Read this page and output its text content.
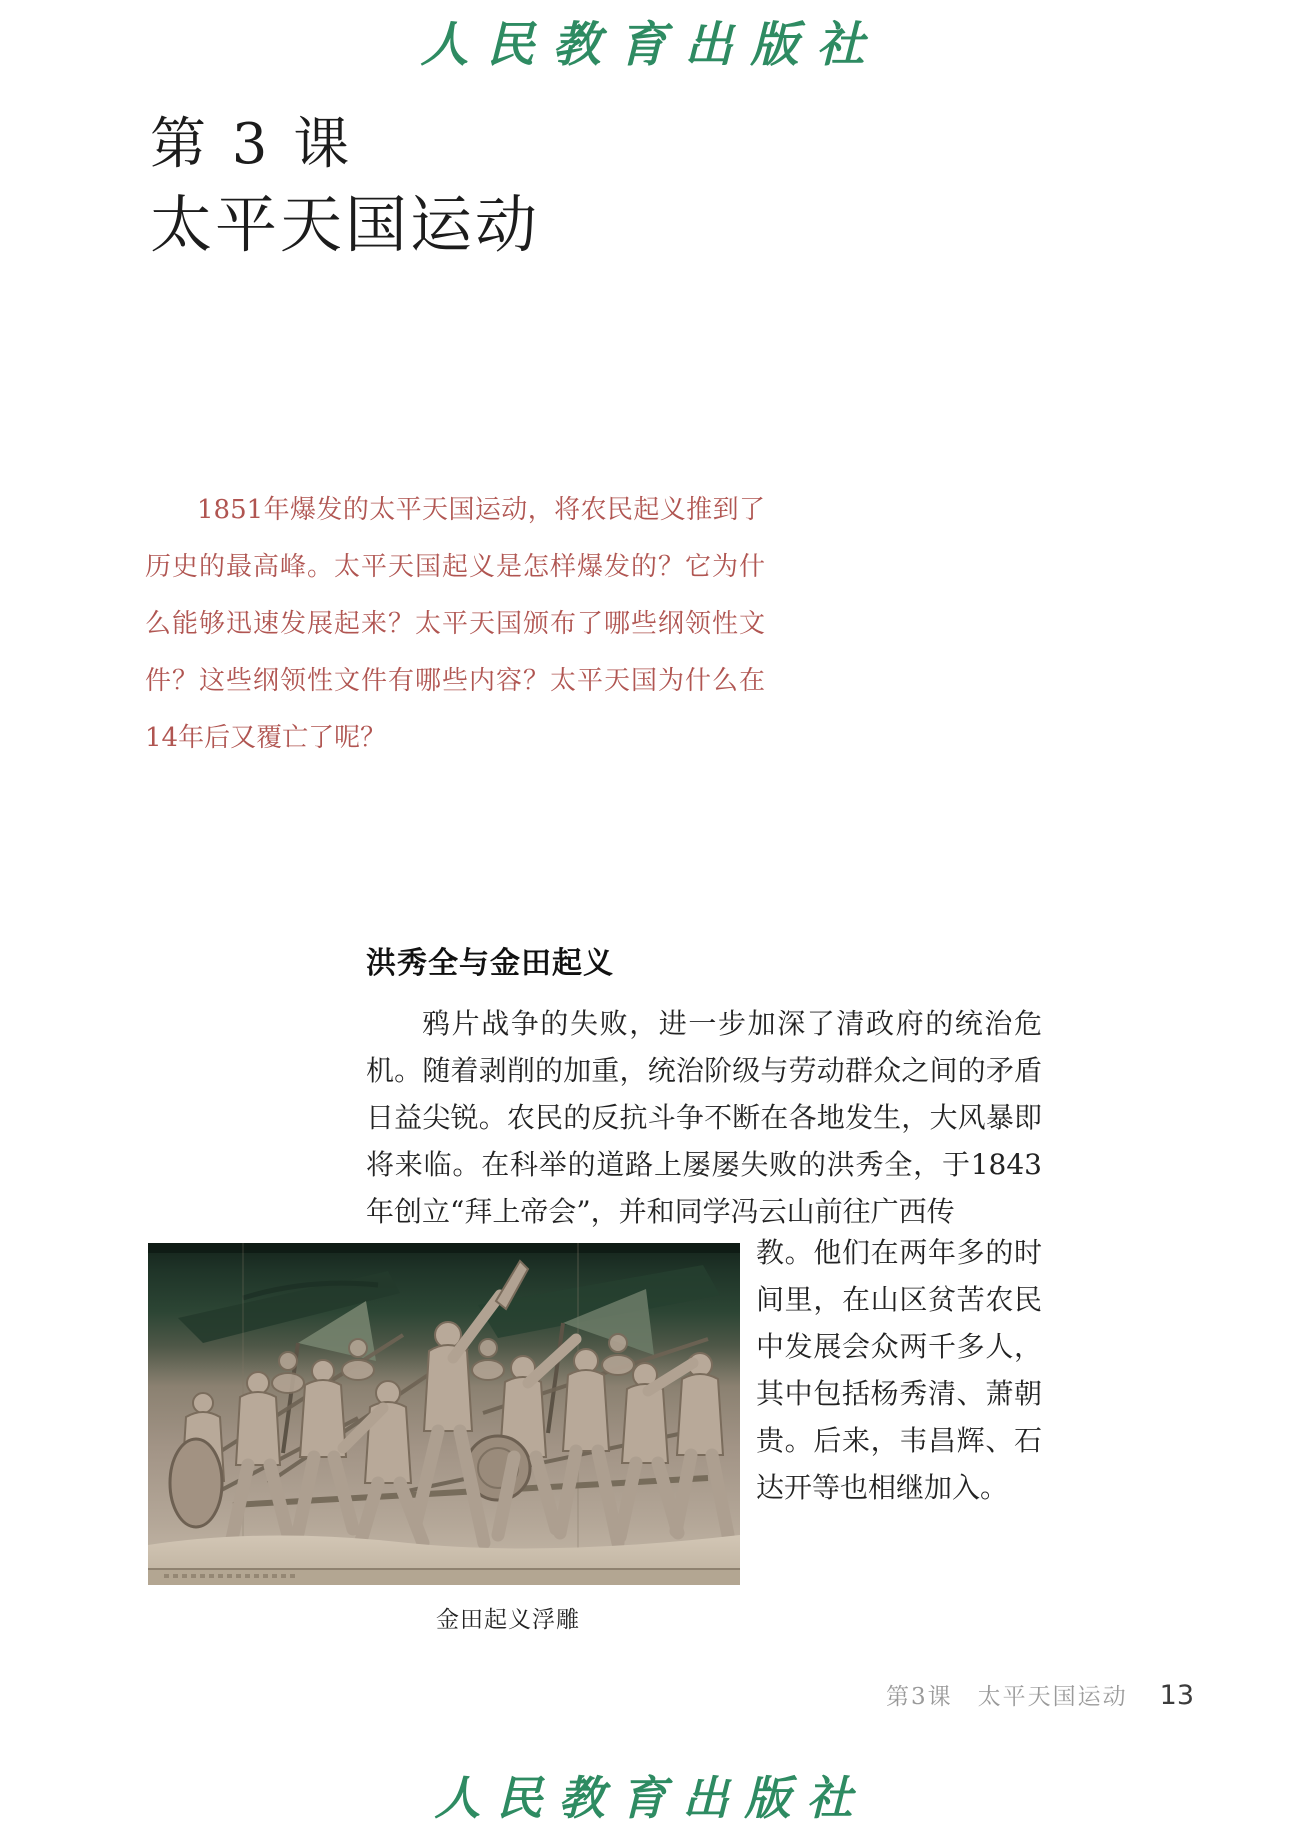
人民教育出版社
第 3 课
太平天国运动

1851年爆发的太平天国运动，将农民起义推到了历史的最高峰。太平天国起义是怎样爆发的？它为什么能够迅速发展起来？太平天国颁布了哪些纲领性文件？这些纲领性文件有哪些内容？太平天国为什么在14年后又覆亡了呢？

洪秀全与金田起义

鸦片战争的失败，进一步加深了清政府的统治危机。随着剥削的加重，统治阶级与劳动群众之间的矛盾日益尖锐。农民的反抗斗争不断在各地发生，大风暴即将来临。在科举的道路上屡屡失败的洪秀全，于1843年创立“拜上帝会”，并和同学冯云山前往广西传

金田起义浮雕

教。他们在两年多的时间里，在山区贫苦农民中发展会众两千多人，其中包括杨秀清、萧朝贵。后来，韦昌辉、石达开等也相继加入。

第3课　太平天国运动 13
人民教育出版社
